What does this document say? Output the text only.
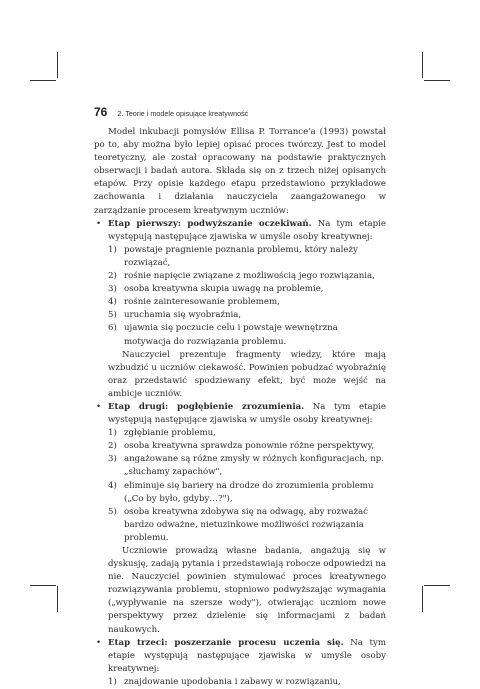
76 2. Teorie i modele opisujące kreatywność

Model inkubacji pomysłów Ellisa P. Torrance'a (1993) powstał po to, aby można było lepiej opisać proces twórczy. Jest to model teoretyczny, ale został opracowany na podstawie praktycznych obserwacji i badań autora. Składa się on z trzech niżej opisanych etapów. Przy opisie każdego etapu przedstawiono przykładowe zachowania i działania nauczyciela zaangażowanego w zarządzanie procesem kreatywnym uczniów:

• Etap pierwszy: podwyższanie oczekiwań. Na tym etapie występują następujące zjawiska w umyśle osoby kreatywnej:

1) powstaje pragnienie poznania problemu, który należy rozwiązać,

2) rośnie napięcie związane z możliwością jego rozwiązania,

3) osoba kreatywna skupia uwagę na problemie,

4) rośnie zainteresowanie problemem,

5) uruchamia się wyobraźnia,

6) ujawnia się poczucie celu i powstaje wewnętrzna motywacja do rozwiązania problemu.

Nauczyciel prezentuje fragmenty wiedzy, które mają wzbudzić u uczniów ciekawość. Powinien pobudzać wyobraźnię oraz przedstawić spodziewany efekt, być może wejść na ambicje uczniów.

• Etap drugi: pogłębienie zrozumienia. Na tym etapie występują następujące zjawiska w umyśle osoby kreatywnej:

1) zgłębianie problemu,

2) osoba kreatywna sprawdza ponownie różne perspektywy,

3) angażowane są różne zmysły w różnych konfiguracjach, np. „słuchamy zapachów",

4) eliminuje się bariery na drodze do zrozumienia problemu („Co by było, gdyby…?"),

5) osoba kreatywna zdobywa się na odwagę, aby rozważać bardzo odważne, nietuzinkowe możliwości rozwiązania problemu.

Uczniowie prowadzą własne badania, angażują się w dyskusję, zadają pytania i przedstawiają robocze odpowiedzi na nie. Nauczyciel powinien stymulować proces kreatywnego rozwiązywania problemu, stopniowo podwyższając wymagania („wypływanie na szersze wody"), otwierając uczniom nowe perspektywy przez dzielenie się informacjami z badań naukowych.

• Etap trzeci: poszerzanie procesu uczenia się. Na tym etapie występują następujące zjawiska w umyśle osoby kreatywnej:

1) znajdowanie upodobania i zabawy w rozwiązaniu,
